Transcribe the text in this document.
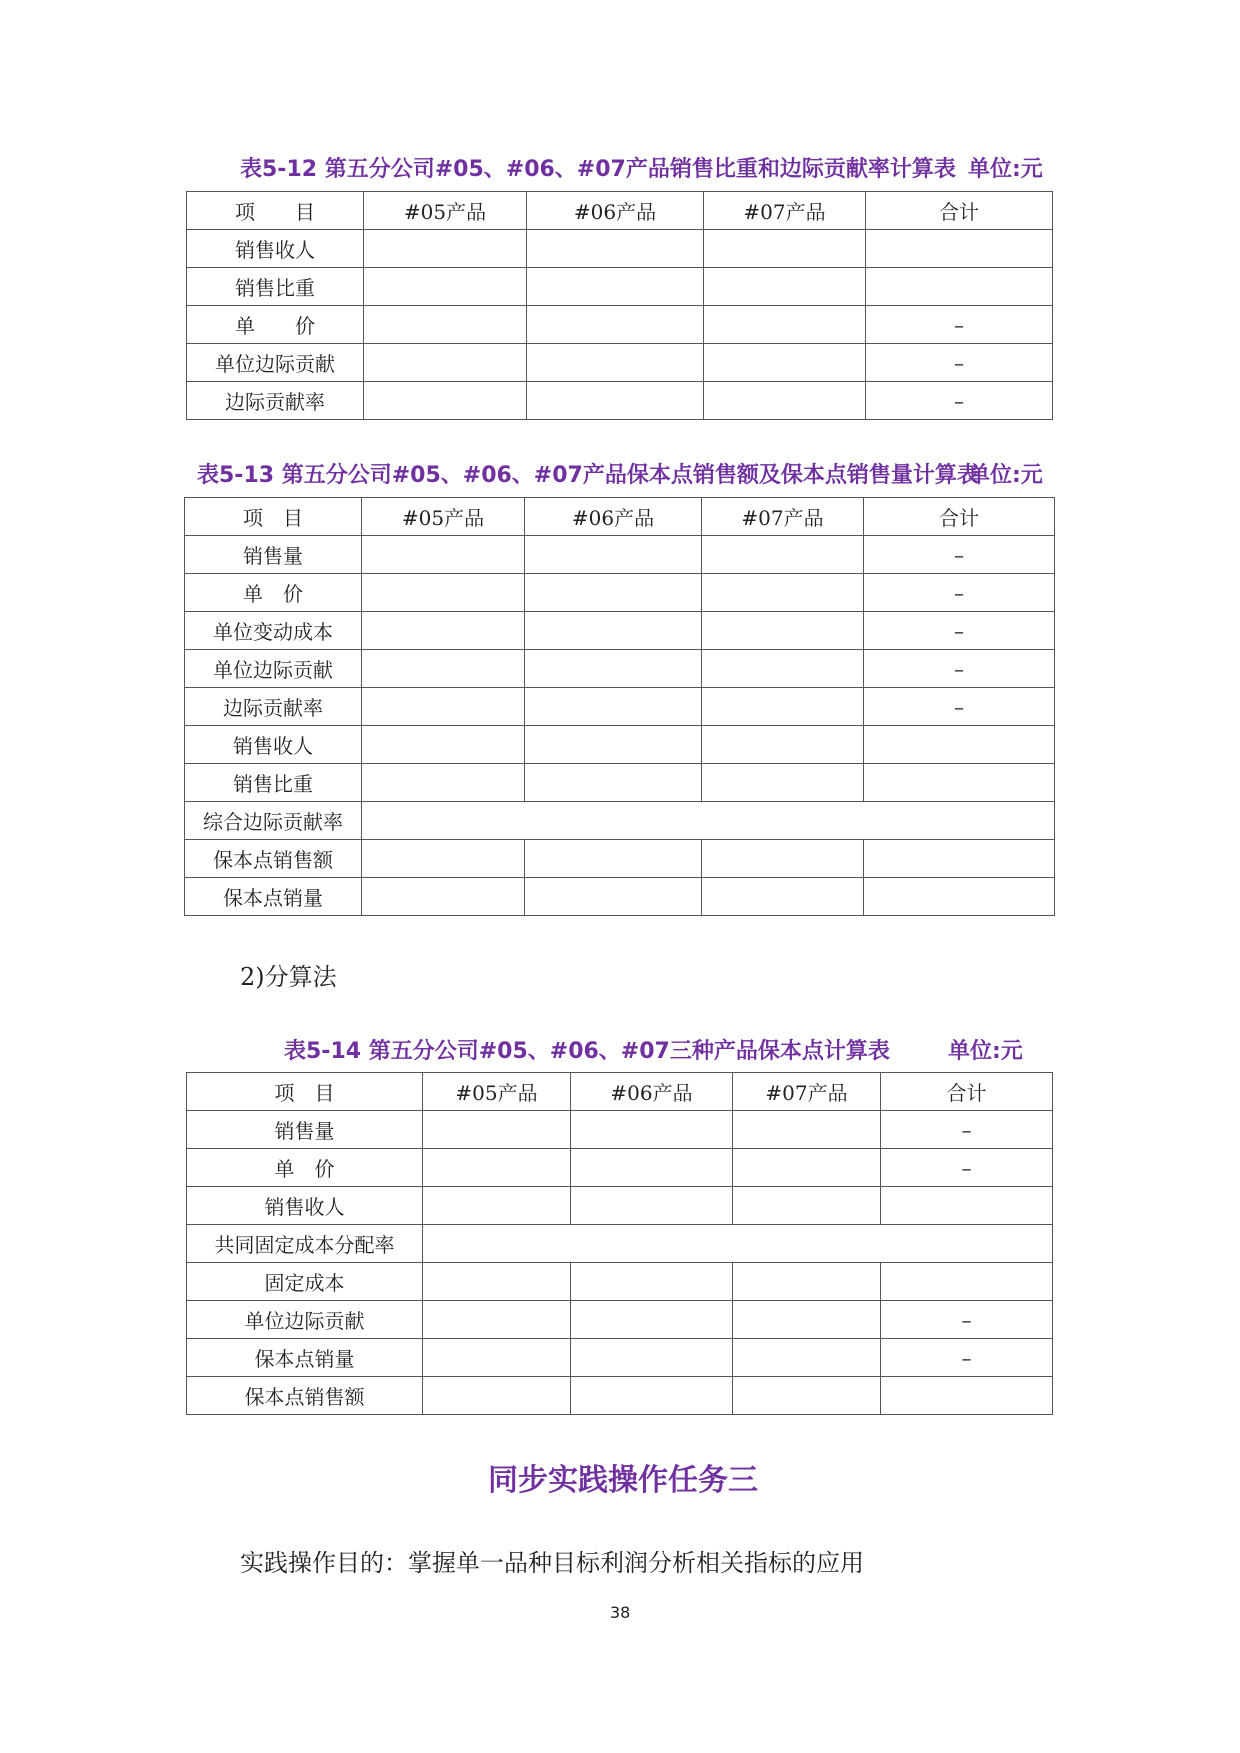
表5-12 第五分公司#05、#06、#07产品销售比重和边际贡献率计算表 单位:元

项　　目	#05产品	#06产品	#07产品	合计
销售收人				
销售比重				
单　　价				–
单位边际贡献				–
边际贡献率				–

表5-13 第五分公司#05、#06、#07产品保本点销售额及保本点销售量计算表

单位:元

项　目	#05产品	#06产品	#07产品	合计
销售量				–
单　价				–
单位变动成本				–
单位边际贡献				–
边际贡献率				–
销售收人				
销售比重				
综合边际贡献率				
保本点销售额				
保本点销量				

2)分算法

表5-14 第五分公司#05、#06、#07三种产品保本点计算表	单位:元

项　目	#05产品	#06产品	#07产品	合计
销售量				–
单　价				–
销售收人				
共同固定成本分配率				
固定成本				
单位边际贡献				–
保本点销量				–
保本点销售额				

同步实践操作任务三

实践操作目的：掌握单一品种目标利润分析相关指标的应用

38
